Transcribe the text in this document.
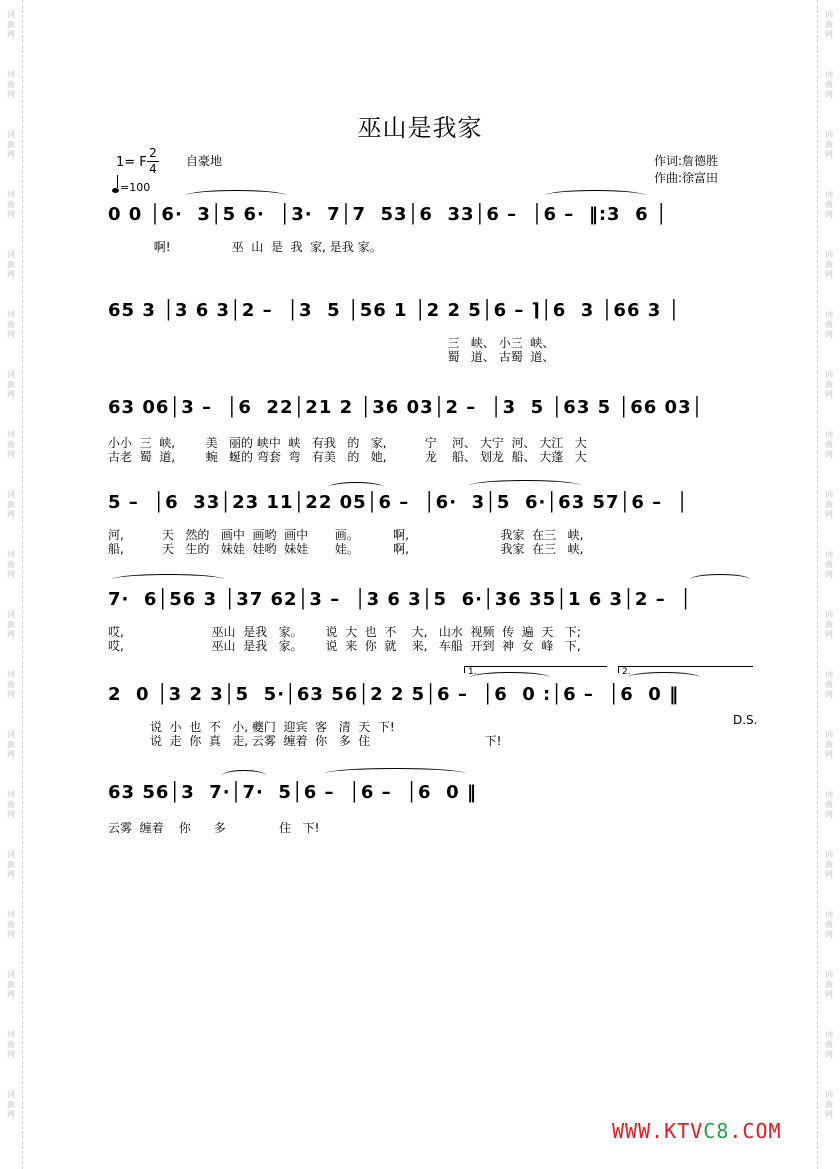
词
曲
网
词
曲
网
词
曲
网
词
曲
网
词
曲
网
词
曲
网
词
曲
网
词
曲
网
词
曲
网
词
曲
网
词
曲
网
词
曲
网
词
曲
网
词
曲
网
词
曲
网
词
曲
网
词
曲
网
词
曲
网
词
曲
网
词
曲
网
词
曲
网
词
曲
网
词
曲
网
词
曲
网
词
曲
网
词
曲
网
词
曲
网
词
曲
网
词
曲
网
词
曲
网
词
曲
网
词
曲
网
词
曲
网
词
曲
网
词
曲
网
词
曲
网
词
曲
网
词
曲
网
巫山是我家
1= F
2
4
=100
自豪地	作词:詹德胜
作曲:徐富田
0 0 │6·  3│5 6·  │3·  7│7  53│6  33│6 –  │6 –  ‖:3  6 │
啊!                巫  山  是  我  家, 是我 家。
65 3 │3 6 3│2 –  │3  5 │56 1 │2 2 5│6 – ⌉│6  3 │66 3 │
三   峡、 小三  峡、
蜀   道、 古蜀  道、
63 06│3 –  │6  22│21 2 │36 03│2 –  │3  5 │63 5 │66 03│
小小  三  峡,        美   丽的 峡中  峡   有我   的   家,          宁    河、 大宁  河、 大江   大
古老  蜀  道,        蜿   蜒的 弯套  弯   有美   的   她,          龙    船、 划龙  船、 大蓬   大
5 –  │6  33│23 11│22 05│6 –  │6·  3│5  6·│63 57│6 –  │
河,          天   然的   画中  画哟  画中       画。         啊,                        我家  在三   峡,
船,          天   生的   妹娃  娃哟  妹娃       娃。         啊,                        我家  在三   峡,
7·  6│56 3 │37 62│3 –  │3 6 3│5  6·│36 35│1 6 3│2 –  │
哎,                       巫山  是我   家。      说  大  也  不    大,   山水  视频  传  遍  天   下;
哎,                       巫山  是我   家。      说  来  你  就    来,   车船  开到  神  女  峰   下,
2  0 │3 2 3│5  5·│63 56│2 2 5│6 –  │6  0 :│6 –  │6  0 ‖
说  小  也  不   小, 夔门  迎宾  客   清  天  下!
说  走  你  真   走, 云雾  缠着  你   多  住                              下!
1.	2.
D.S.
63 56│3  7·│7·  5│6 –  │6 –  │6  0 ‖
云雾  缠着    你      多              住   下!
WWW.KTVC8.COM
